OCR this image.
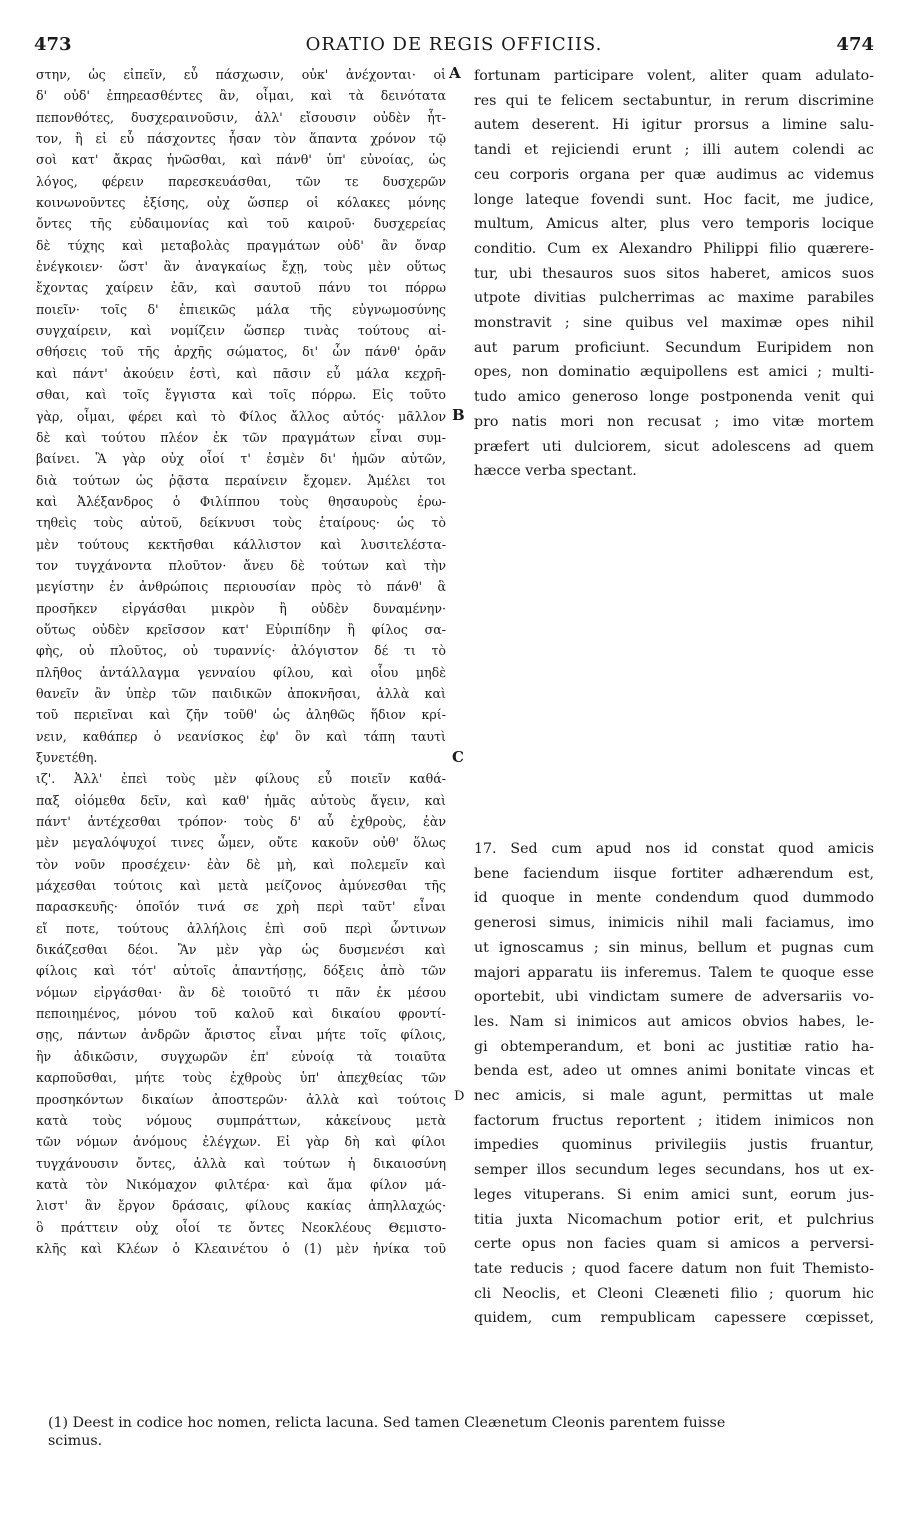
473	ORATIO DE REGIS OFFICIIS.	474
στην, ὡς εἰπεῖν, εὖ πάσχωσιν, οὐκ' ἀνέχονται· οἱ
δ' οὐδ' ἐπηρεασθέντες ἂν, οἶμαι, καὶ τὰ δεινότατα
πεπονθότες, δυσχεραινοῦσιν, ἀλλ' εἴσουσιν οὐδὲν ἧτ-
τον, ἢ εἰ εὖ πάσχοντες ἦσαν τὸν ἅπαντα χρόνον τῷ
σοὶ κατ' ἄκρας ἡνῶσθαι, καὶ πάνθ' ὑπ' εὐνοίας, ὡς
λόγος, φέρειν παρεσκευάσθαι, τῶν τε δυσχερῶν
κοινωνοῦντες ἐξίσης, οὐχ ὥσπερ οἱ κόλακες μόνης
ὄντες τῆς εὐδαιμονίας καὶ τοῦ καιροῦ· δυσχερείας
δὲ τύχης καὶ μεταβολὰς πραγμάτων οὐδ' ἂν ὄναρ
ἐνέγκοιεν· ὥστ' ἂν ἀναγκαίως ἔχῃ, τοὺς μὲν οὕτως
ἔχοντας χαίρειν ἐᾶν, καὶ σαυτοῦ πάνυ τοι πόρρω
ποιεῖν· τοῖς δ' ἐπιεικῶς μάλα τῆς εὐγνωμοσύνης
συγχαίρειν, καὶ νομίζειν ὥσπερ τινὰς τούτους αἰ-
σθήσεις τοῦ τῆς ἀρχῆς σώματος, δι' ὧν πάνθ' ὁρᾶν
καὶ πάντ' ἀκούειν ἐστὶ, καὶ πᾶσιν εὖ μάλα κεχρῆ-
σθαι, καὶ τοῖς ἔγγιστα καὶ τοῖς πόρρω. Εἰς τοῦτο
γὰρ, οἶμαι, φέρει καὶ τὸ Φίλος ἄλλος αὐτός· μᾶλλον
δὲ καὶ τούτου πλέον ἐκ τῶν πραγμάτων εἶναι συμ-
βαίνει. Ἃ γὰρ οὐχ οἷοί τ' ἐσμὲν δι' ἡμῶν αὐτῶν,
διὰ τούτων ὡς ῥᾷστα περαίνειν ἔχομεν. Ἀμέλει τοι
καὶ Ἀλέξανδρος ὁ Φιλίππου τοὺς θησαυροὺς ἐρω-
τηθεὶς τοὺς αὐτοῦ, δείκνυσι τοὺς ἑταίρους· ὡς τὸ
μὲν τούτους κεκτῆσθαι κάλλιστον καὶ λυσιτελέστα-
τον τυγχάνοντα πλοῦτον· ἄνευ δὲ τούτων καὶ τὴν
μεγίστην ἐν ἀνθρώποις περιουσίαν πρὸς τὸ πάνθ' ἃ
προσῆκεν εἰργάσθαι μικρὸν ἢ οὐδὲν δυναμένην·
οὕτως οὐδὲν κρεῖσσον κατ' Εὐριπίδην ἢ φίλος σα-
φὴς, οὐ πλοῦτος, οὐ τυραννίς· ἀλόγιστον δέ τι τὸ
πλῆθος ἀντάλλαγμα γενναίου φίλου, καὶ οἷου μηδὲ
θανεῖν ἂν ὑπὲρ τῶν παιδικῶν ἀποκνῆσαι, ἀλλὰ καὶ
τοῦ περιεῖναι καὶ ζῆν τοῦθ' ὡς ἀληθῶς ἥδιον κρί-
νειν, καθάπερ ὁ νεανίσκος ἐφ' ὃν καὶ τάπη ταυτὶ
ξυνετέθη.
ιζ'. Ἀλλ' ἐπεὶ τοὺς μὲν φίλους εὖ ποιεῖν καθά-
παξ οἰόμεθα δεῖν, καὶ καθ' ἡμᾶς αὐτοὺς ἄγειν, καὶ
πάντ' ἀντέχεσθαι τρόπον· τοὺς δ' αὖ ἐχθροὺς, ἐὰν
μὲν μεγαλόψυχοί τινες ὦμεν, οὔτε κακοῦν οὐθ' ὅλως
τὸν νοῦν προσέχειν· ἐὰν δὲ μὴ, καὶ πολεμεῖν καὶ
μάχεσθαι τούτοις καὶ μετὰ μείζονος ἀμύνεσθαι τῆς
παρασκευῆς· ὁποῖόν τινά σε χρὴ περὶ ταῦτ' εἶναι
εἴ ποτε, τούτους ἀλλήλοις ἐπὶ σοῦ περὶ ὧντινων
δικάζεσθαι δέοι. Ἂν μὲν γὰρ ὡς δυσμενέσι καὶ
φίλοις καὶ τότ' αὐτοῖς ἀπαντήσῃς, δόξεις ἀπὸ τῶν
νόμων εἰργάσθαι· ἂν δὲ τοιοῦτό τι πᾶν ἐκ μέσου
πεποιημένος, μόνου τοῦ καλοῦ καὶ δικαίου φροντί-
σῃς, πάντων ἀνδρῶν ἄριστος εἶναι μήτε τοῖς φίλοις,
ἢν ἀδικῶσιν, συγχωρῶν ἐπ' εὐνοίᾳ τὰ τοιαῦτα
καρποῦσθαι, μήτε τοὺς ἐχθροὺς ὑπ' ἀπεχθείας τῶν
προσηκόντων δικαίων ἀποστερῶν· ἀλλὰ καὶ τούτοις
κατὰ τοὺς νόμους συμπράττων, κἀκείνους μετὰ
τῶν νόμων ἀνόμους ἐλέγχων. Εἰ γὰρ δὴ καὶ φίλοι
τυγχάνουσιν ὄντες, ἀλλὰ καὶ τούτων ἡ δικαιοσύνη
κατὰ τὸν Νικόμαχον φιλτέρα· καὶ ἅμα φίλον μά-
λιστ' ἂν ἔργον δράσαις, φίλους κακίας ἀπηλλαχώς·
ὃ πράττειν οὐχ οἷοί τε ὄντες Νεοκλέους Θεμιστο-
κλῆς καὶ Κλέων ὁ Κλεαινέτου ὁ (1) μὲν ἡνίκα τοῦ
A
B
C
D
fortunam participare volent, aliter quam adulato-
res qui te felicem sectabuntur, in rerum discrimine
autem deserent. Hi igitur prorsus a limine salu-
tandi et rejiciendi erunt ; illi autem colendi ac
ceu corporis organa per quæ audimus ac videmus
longe lateque fovendi sunt. Hoc facit, me judice,
multum, Amicus alter, plus vero temporis locique
conditio. Cum ex Alexandro Philippi filio quærere-
tur, ubi thesauros suos sitos haberet, amicos suos
utpote divitias pulcherrimas ac maxime parabiles
monstravit ; sine quibus vel maximæ opes nihil
aut parum proficiunt. Secundum Euripidem non
opes, non dominatio æquipollens est amici ; multi-
tudo amico generoso longe postponenda venit qui
pro natis mori non recusat ; imo vitæ mortem
præfert uti dulciorem, sicut adolescens ad quem
hæcce verba spectant.
17. Sed cum apud nos id constat quod amicis
bene faciendum iisque fortiter adhærendum est,
id quoque in mente condendum quod dummodo
generosi simus, inimicis nihil mali faciamus, imo
ut ignoscamus ; sin minus, bellum et pugnas cum
majori apparatu iis inferemus. Talem te quoque esse
oportebit, ubi vindictam sumere de adversariis vo-
les. Nam si inimicos aut amicos obvios habes, le-
gi obtemperandum, et boni ac justitiæ ratio ha-
benda est, adeo ut omnes animi bonitate vincas et
nec amicis, si male agunt, permittas ut male
factorum fructus reportent ; itidem inimicos non
impedies quominus privilegiis justis fruantur,
semper illos secundum leges secundans, hos ut ex-
leges vituperans. Si enim amici sunt, eorum jus-
titia juxta Nicomachum potior erit, et pulchrius
certe opus non facies quam si amicos a perversi-
tate reducis ; quod facere datum non fuit Themisto-
cli Neoclis, et Cleoni Cleæneti filio ; quorum hic
quidem, cum rempublicam capessere cœpisset,
(1) Deest in codice hoc nomen, relicta lacuna. Sed tamen Cleænetum Cleonis parentem fuisse
scimus.
